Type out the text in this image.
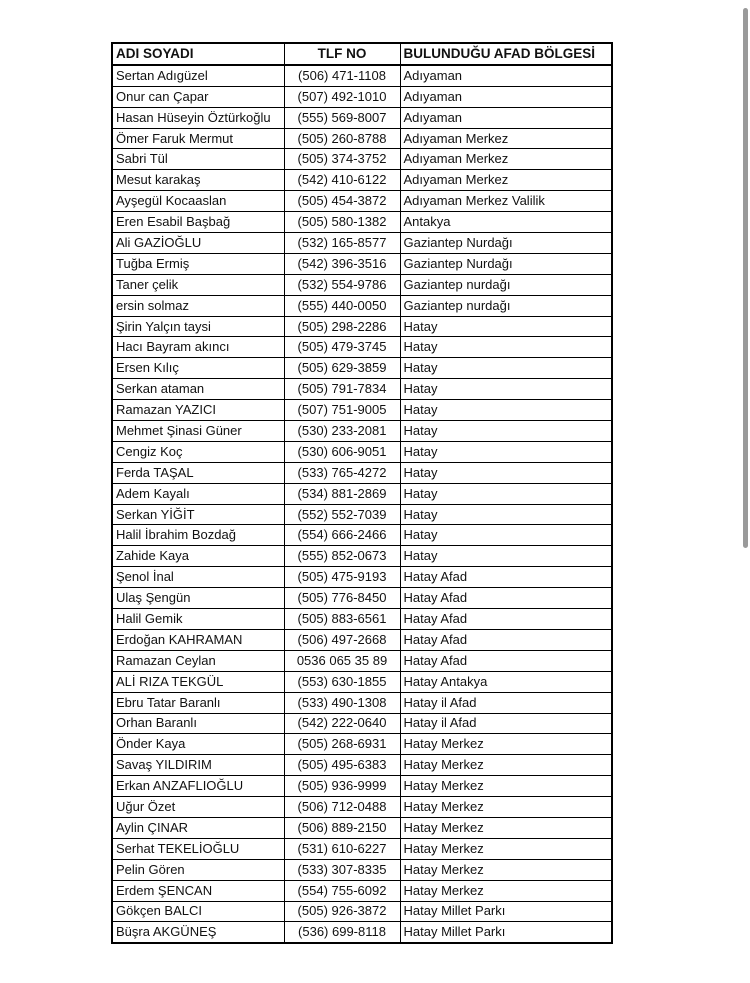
ADI SOYADI	TLF NO	BULUNDUĞU AFAD BÖLGESİ
Sertan Adıgüzel	(506) 471-1108	Adıyaman
Onur can Çapar	(507) 492-1010	Adıyaman
Hasan Hüseyin Öztürkoğlu	(555) 569-8007	Adıyaman
Ömer Faruk Mermut	(505) 260-8788	Adıyaman Merkez
Sabri Tül	(505) 374-3752	Adıyaman Merkez
Mesut karakaş	(542) 410-6122	Adıyaman Merkez
Ayşegül Kocaaslan	(505) 454-3872	Adıyaman Merkez Valilik
Eren Esabil Başbağ	(505) 580-1382	Antakya
Ali GAZİOĞLU	(532) 165-8577	Gaziantep Nurdağı
Tuğba Ermiş	(542) 396-3516	Gaziantep Nurdağı
Taner çelik	(532) 554-9786	Gaziantep nurdağı
ersin solmaz	(555) 440-0050	Gaziantep nurdağı
Şirin Yalçın taysi	(505) 298-2286	Hatay
Hacı Bayram akıncı	(505) 479-3745	Hatay
Ersen Kılıç	(505) 629-3859	Hatay
Serkan ataman	(505) 791-7834	Hatay
Ramazan YAZICI	(507) 751-9005	Hatay
Mehmet Şinasi Güner	(530) 233-2081	Hatay
Cengiz Koç	(530) 606-9051	Hatay
Ferda TAŞAL	(533) 765-4272	Hatay
Adem Kayalı	(534) 881-2869	Hatay
Serkan YİĞİT	(552) 552-7039	Hatay
Halil İbrahim Bozdağ	(554) 666-2466	Hatay
Zahide Kaya	(555) 852-0673	Hatay
Şenol İnal	(505) 475-9193	Hatay Afad
Ulaş Şengün	(505) 776-8450	Hatay Afad
Halil Gemik	(505) 883-6561	Hatay Afad
Erdoğan KAHRAMAN	(506) 497-2668	Hatay Afad
Ramazan Ceylan	0536 065 35 89	Hatay Afad
ALİ RIZA TEKGÜL	(553) 630-1855	Hatay Antakya
Ebru Tatar Baranlı	(533) 490-1308	Hatay il Afad
Orhan Baranlı	(542) 222-0640	Hatay il Afad
Önder Kaya	(505) 268-6931	Hatay Merkez
Savaş YILDIRIM	(505) 495-6383	Hatay Merkez
Erkan ANZAFLIOĞLU	(505) 936-9999	Hatay Merkez
Uğur Özet	(506) 712-0488	Hatay Merkez
Aylin ÇINAR	(506) 889-2150	Hatay Merkez
Serhat TEKELİOĞLU	(531) 610-6227	Hatay Merkez
Pelin Gören	(533) 307-8335	Hatay Merkez
Erdem ŞENCAN	(554) 755-6092	Hatay Merkez
Gökçen BALCI	(505) 926-3872	Hatay Millet Parkı
Büşra AKGÜNEŞ	(536) 699-8118	Hatay Millet Parkı
